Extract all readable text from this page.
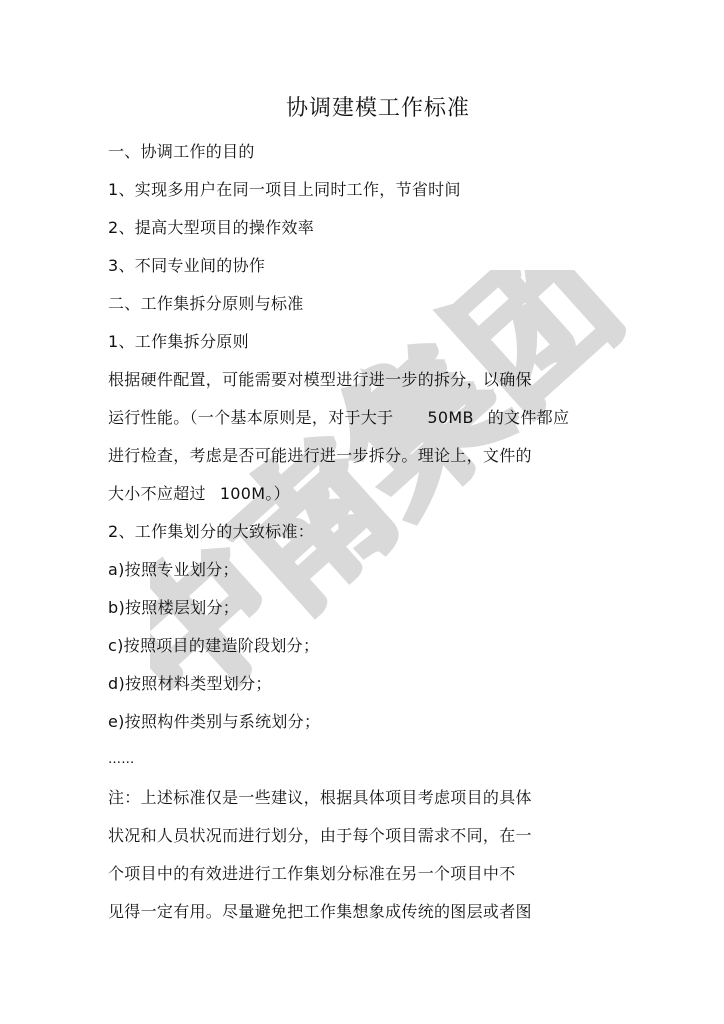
中南集团
协调建模工作标准
一、协调工作的目的
1、实现多用户在同一项目上同时工作，节省时间
2、提高大型项目的操作效率
3、不同专业间的协作
二、工作集拆分原则与标准
1、工作集拆分原则
根据硬件配置，可能需要对模型进行进一步的拆分，以确保
运行性能。（一个基本原则是，对于大于 50MB 的文件都应
进行检查，考虑是否可能进行进一步拆分。理论上，文件的
大小不应超过 100M。）
2、工作集划分的大致标准：
a)按照专业划分；
b)按照楼层划分；
c)按照项目的建造阶段划分；
d)按照材料类型划分；
e)按照构件类别与系统划分；
……
注：上述标准仅是一些建议，根据具体项目考虑项目的具体
状况和人员状况而进行划分，由于每个项目需求不同，在一
个项目中的有效进进行工作集划分标准在另一个项目中不
见得一定有用。尽量避免把工作集想象成传统的图层或者图
